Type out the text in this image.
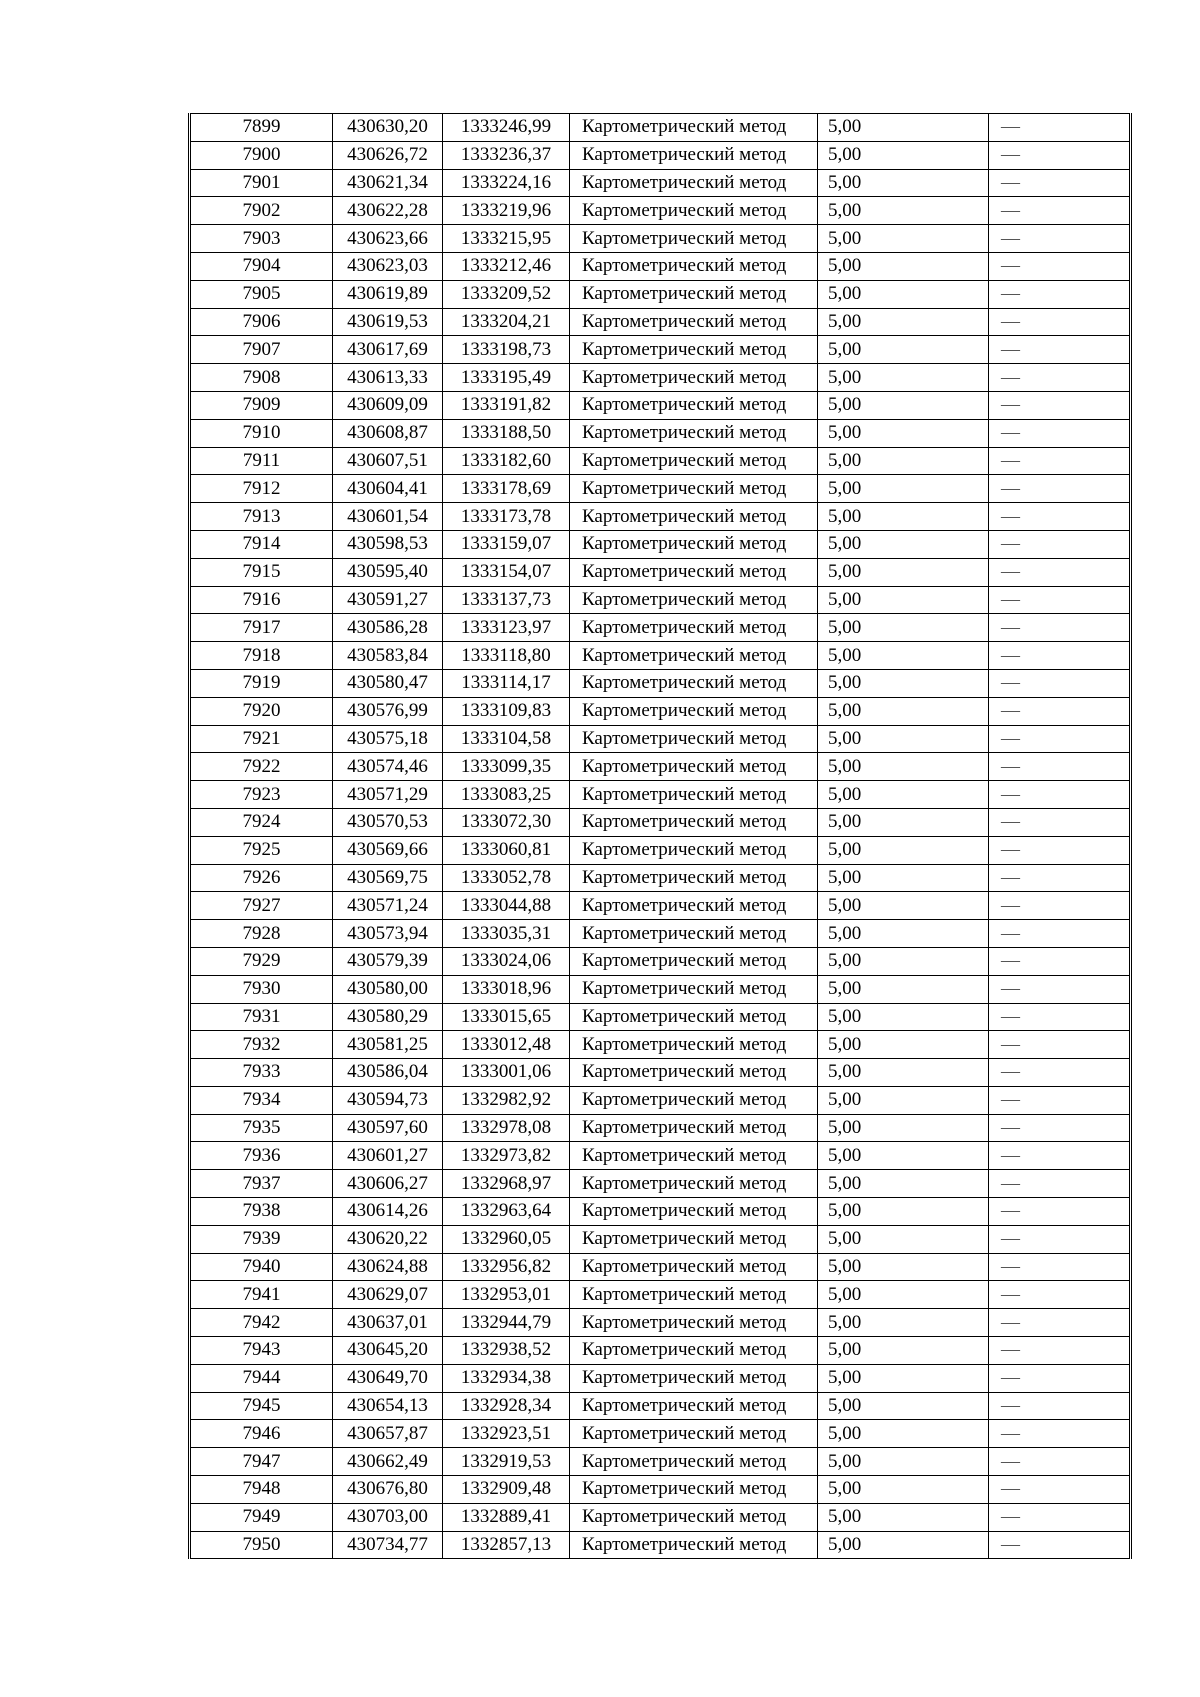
7899	430630,20	1333246,99	Картометрический метод	5,00	—
7900	430626,72	1333236,37	Картометрический метод	5,00	—
7901	430621,34	1333224,16	Картометрический метод	5,00	—
7902	430622,28	1333219,96	Картометрический метод	5,00	—
7903	430623,66	1333215,95	Картометрический метод	5,00	—
7904	430623,03	1333212,46	Картометрический метод	5,00	—
7905	430619,89	1333209,52	Картометрический метод	5,00	—
7906	430619,53	1333204,21	Картометрический метод	5,00	—
7907	430617,69	1333198,73	Картометрический метод	5,00	—
7908	430613,33	1333195,49	Картометрический метод	5,00	—
7909	430609,09	1333191,82	Картометрический метод	5,00	—
7910	430608,87	1333188,50	Картометрический метод	5,00	—
7911	430607,51	1333182,60	Картометрический метод	5,00	—
7912	430604,41	1333178,69	Картометрический метод	5,00	—
7913	430601,54	1333173,78	Картометрический метод	5,00	—
7914	430598,53	1333159,07	Картометрический метод	5,00	—
7915	430595,40	1333154,07	Картометрический метод	5,00	—
7916	430591,27	1333137,73	Картометрический метод	5,00	—
7917	430586,28	1333123,97	Картометрический метод	5,00	—
7918	430583,84	1333118,80	Картометрический метод	5,00	—
7919	430580,47	1333114,17	Картометрический метод	5,00	—
7920	430576,99	1333109,83	Картометрический метод	5,00	—
7921	430575,18	1333104,58	Картометрический метод	5,00	—
7922	430574,46	1333099,35	Картометрический метод	5,00	—
7923	430571,29	1333083,25	Картометрический метод	5,00	—
7924	430570,53	1333072,30	Картометрический метод	5,00	—
7925	430569,66	1333060,81	Картометрический метод	5,00	—
7926	430569,75	1333052,78	Картометрический метод	5,00	—
7927	430571,24	1333044,88	Картометрический метод	5,00	—
7928	430573,94	1333035,31	Картометрический метод	5,00	—
7929	430579,39	1333024,06	Картометрический метод	5,00	—
7930	430580,00	1333018,96	Картометрический метод	5,00	—
7931	430580,29	1333015,65	Картометрический метод	5,00	—
7932	430581,25	1333012,48	Картометрический метод	5,00	—
7933	430586,04	1333001,06	Картометрический метод	5,00	—
7934	430594,73	1332982,92	Картометрический метод	5,00	—
7935	430597,60	1332978,08	Картометрический метод	5,00	—
7936	430601,27	1332973,82	Картометрический метод	5,00	—
7937	430606,27	1332968,97	Картометрический метод	5,00	—
7938	430614,26	1332963,64	Картометрический метод	5,00	—
7939	430620,22	1332960,05	Картометрический метод	5,00	—
7940	430624,88	1332956,82	Картометрический метод	5,00	—
7941	430629,07	1332953,01	Картометрический метод	5,00	—
7942	430637,01	1332944,79	Картометрический метод	5,00	—
7943	430645,20	1332938,52	Картометрический метод	5,00	—
7944	430649,70	1332934,38	Картометрический метод	5,00	—
7945	430654,13	1332928,34	Картометрический метод	5,00	—
7946	430657,87	1332923,51	Картометрический метод	5,00	—
7947	430662,49	1332919,53	Картометрический метод	5,00	—
7948	430676,80	1332909,48	Картометрический метод	5,00	—
7949	430703,00	1332889,41	Картометрический метод	5,00	—
7950	430734,77	1332857,13	Картометрический метод	5,00	—
